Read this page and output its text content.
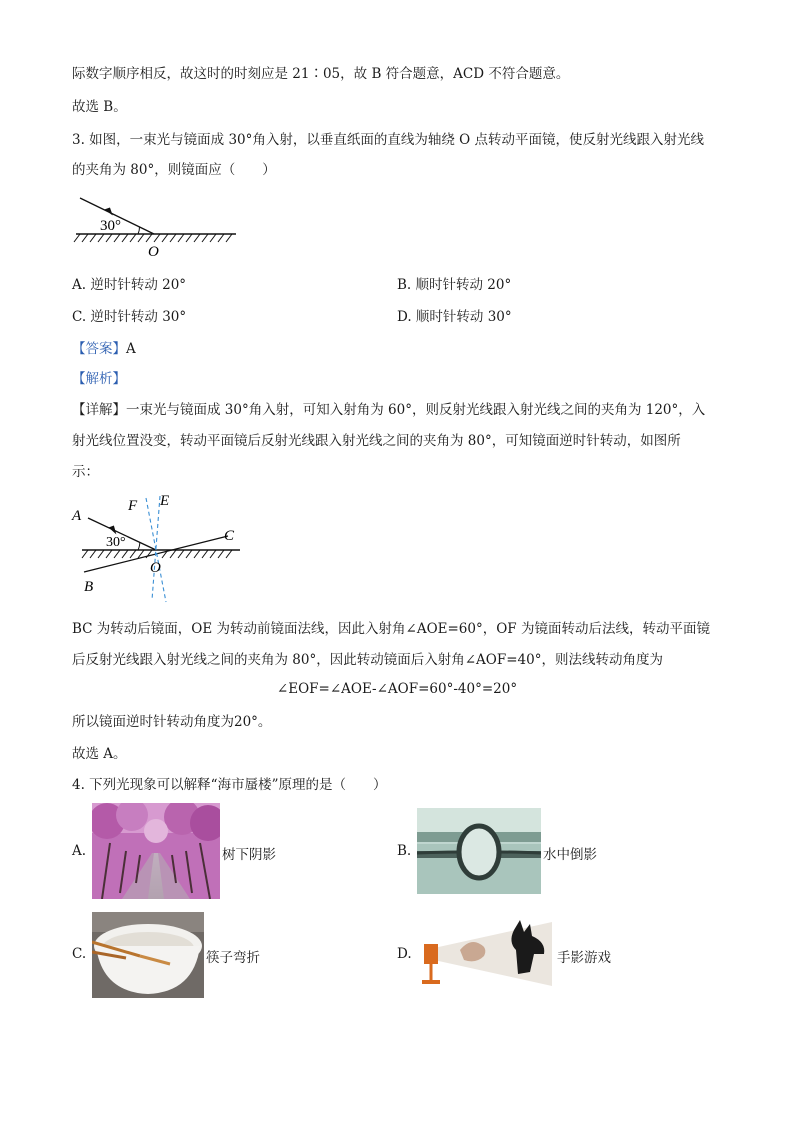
际数字顺序相反，故这时的时刻应是 21∶05，故 B 符合题意，ACD 不符合题意。
故选 B。
3. 如图，一束光与镜面成 30°角入射，以垂直纸面的直线为轴绕 O 点转动平面镜，使反射光线跟入射光线
的夹角为 80°，则镜面应（　　）
30°
O
A. 逆时针转动 20°	B. 顺时针转动 20°
C. 逆时针转动 30°	D. 顺时针转动 30°
【答案】A
【解析】
【详解】一束光与镜面成 30°角入射，可知入射角为 60°，则反射光线跟入射光线之间的夹角为 120°，入
射光线位置没变，转动平面镜后反射光线跟入射光线之间的夹角为 80°，可知镜面逆时针转动，如图所
示：
A
F E
C
B
O
30°
BC 为转动后镜面，OE 为转动前镜面法线，因此入射角∠AOE=60°，OF 为镜面转动后法线，转动平面镜
后反射光线跟入射光线之间的夹角为 80°，因此转动镜面后入射角∠AOF=40°，则法线转动角度为
∠EOF=∠AOE-∠AOF=60°-40°=20°
所以镜面逆时针转动角度为20°。
故选 A。
4. 下列光现象可以解释“海市蜃楼”原理的是（　　）
A.	树下阴影	B.	水中倒影
C.	筷子弯折	D.	手影游戏
